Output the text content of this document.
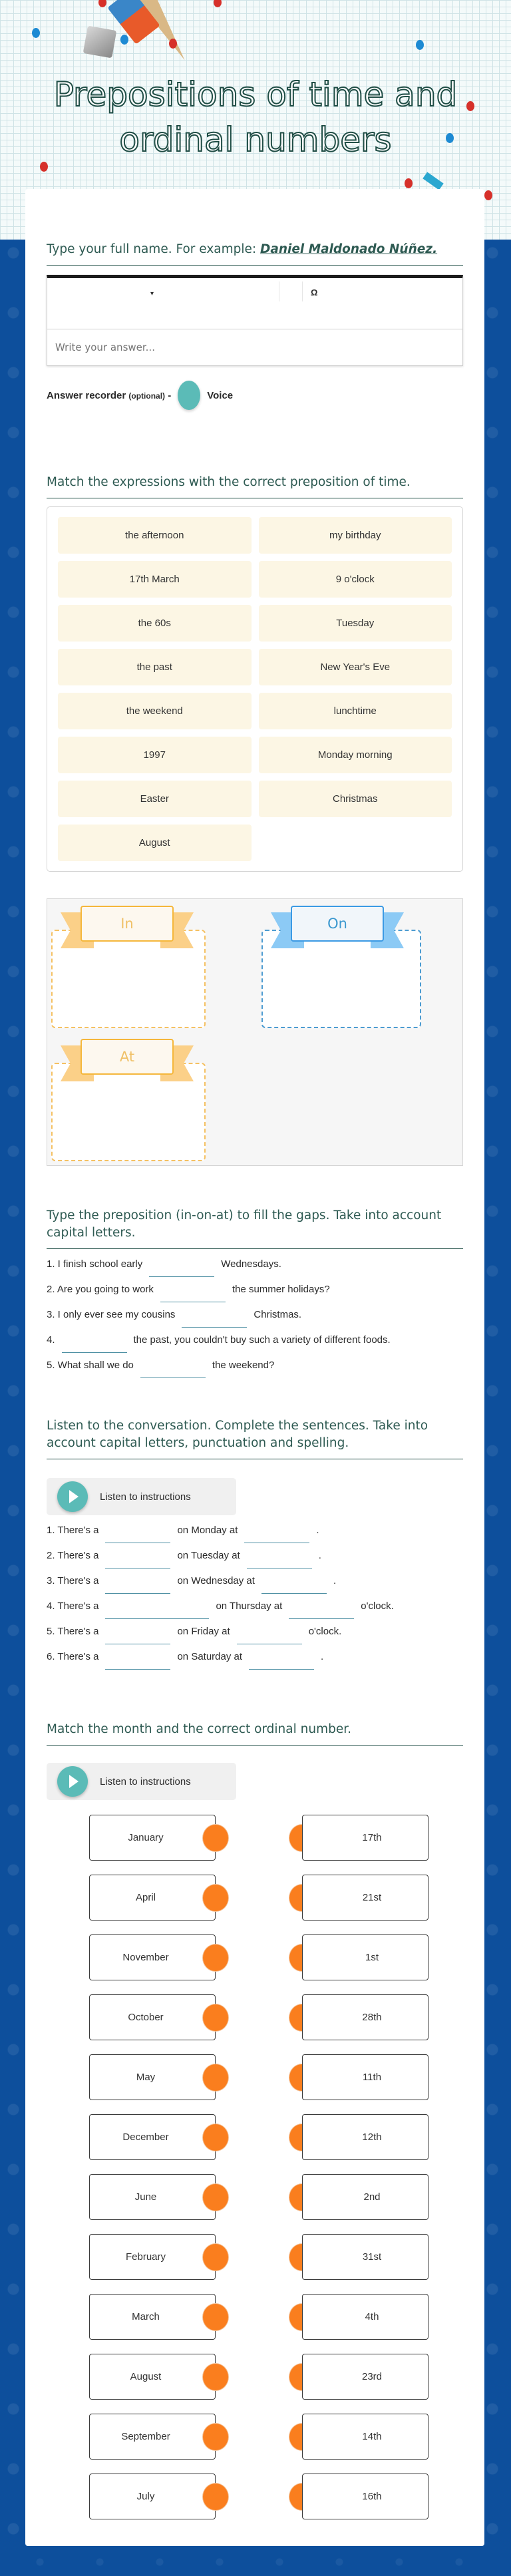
Prepositions of time and ordinal numbers
Type your full name. For example: Daniel Maldonado Núñez.
▾	Ω
Write your answer...
Answer recorder (optional) -	Voice
Match the expressions with the correct preposition of time.
the afternoon	my birthday
17th March	9 o'clock
the 60s	Tuesday
the past	New Year's Eve
the weekend	lunchtime
1997	Monday morning
Easter	Christmas
August
In	On
At
Type the preposition (in-on-at) to fill the gaps. Take into account capital letters.
1. I finish school early	Wednesdays.
2. Are you going to work	the summer holidays?
3. I only ever see my cousins	Christmas.
4.	the past, you couldn't buy such a variety of different foods.
5. What shall we do	the weekend?
Listen to the conversation. Complete the sentences. Take into account capital letters, punctuation and spelling.
Listen to instructions
1. There's a	on Monday at	.
2. There's a	on Tuesday at	.
3. There's a	on Wednesday at	.
4. There's a	on Thursday at	o'clock.
5. There's a	on Friday at	o'clock.
6. There's a	on Saturday at	.
Match the month and the correct ordinal number.
Listen to instructions
January	17th
April	21st
November	1st
October	28th
May	11th
December	12th
June	2nd
February	31st
March	4th
August	23rd
September	14th
July	16th
